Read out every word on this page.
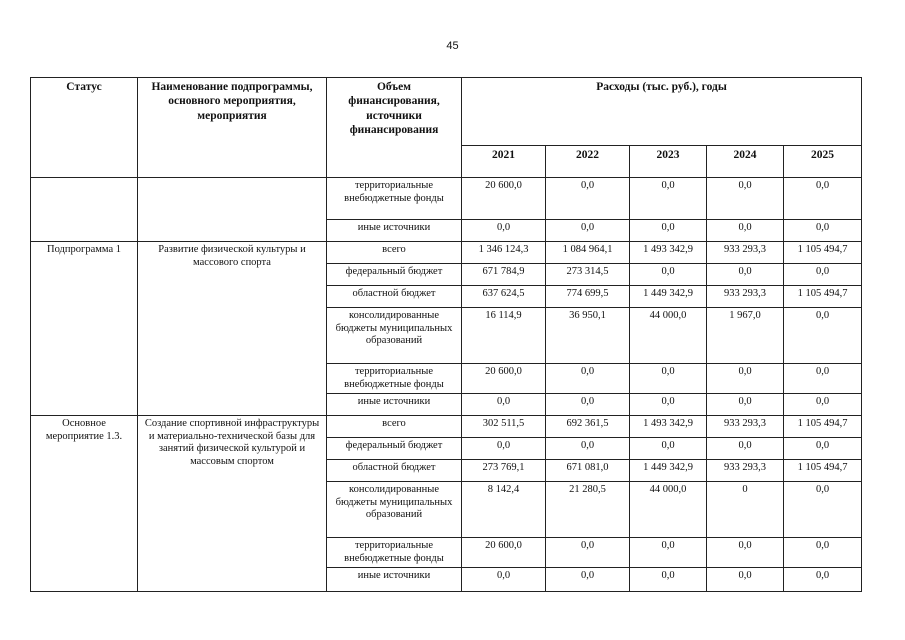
45
Статус	Наименование подпрограммы, основного мероприятия, мероприятия	Объем финансирования, источники финансирования	Расходы (тыс. руб.), годы				
			2021	2022	2023	2024	2025
		территориальные внебюджетные фонды	20 600,0	0,0	0,0	0,0	0,0
		иные источники	0,0	0,0	0,0	0,0	0,0
Подпрограмма 1	Развитие физической культуры и массового спорта	всего	1 346 124,3	1 084 964,1	1 493 342,9	933 293,3	1 105 494,7
		федеральный бюджет	671 784,9	273 314,5	0,0	0,0	0,0
		областной бюджет	637 624,5	774 699,5	1 449 342,9	933 293,3	1 105 494,7
		консолидированные бюджеты муниципальных образований	16 114,9	36 950,1	44 000,0	1 967,0	0,0
		территориальные внебюджетные фонды	20 600,0	0,0	0,0	0,0	0,0
		иные источники	0,0	0,0	0,0	0,0	0,0
Основное мероприятие 1.3.	Создание спортивной инфраструктуры и материально-технической базы для занятий физической культурой и массовым спортом	всего	302 511,5	692 361,5	1 493 342,9	933 293,3	1 105 494,7
		федеральный бюджет	0,0	0,0	0,0	0,0	0,0
		областной бюджет	273 769,1	671 081,0	1 449 342,9	933 293,3	1 105 494,7
		консолидированные бюджеты муниципальных образований	8 142,4	21 280,5	44 000,0	0	0,0
		территориальные внебюджетные фонды	20 600,0	0,0	0,0	0,0	0,0
		иные источники	0,0	0,0	0,0	0,0	0,0
